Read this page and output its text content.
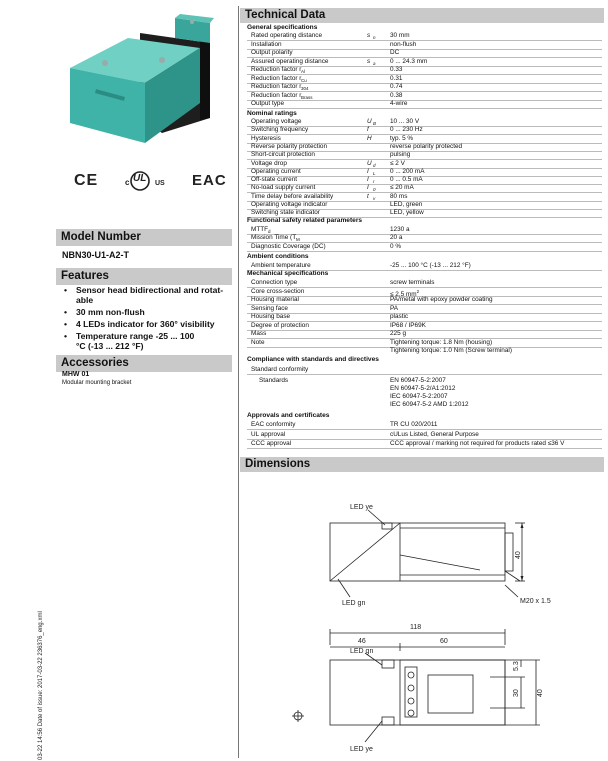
CE	c	US
UL	EAC
Model Number
NBN30-U1-A2-T
Features
• Sensor head bidirectional and rotat-able
• 30 mm non-flush
• 4 LEDs indicator for 360° visibility
• Temperature range -25 ... 100 °C (-13 ... 212 °F)
Accessories
MHW 01
Modular mounting bracket
03-22 14:56 Date of issue: 2017-03-22 236376_eng.xml
Technical Data
General specifications
Rated operating distance	s n 30 mm
Installation	non-flush
Output polarity	DC
Assured operating distance	s a 0 ... 24.3 mm
Reduction factor r Al	0.33
Reduction factor r Cu	0.31
Reduction factor r 304	0.74
Reduction factor r Brass	0.38
Output type	4-wire
Nominal ratings
Operating voltage	U B 10 ... 30 V
Switching frequency	f	0 ... 230 Hz
Hysteresis	H	typ. 5 %
Reverse polarity protection	reverse polarity protected
Short-circuit protection	pulsing
Voltage drop	U d ≤ 2 V
Operating current	I L 0 ... 200 mA
Off-state current	I r 0 ... 0.5 mA
No-load supply current	I 0 ≤ 20 mA
Time delay before availability	t v 80 ms
Operating voltage indicator	LED, green
Switching state indicator	LED, yellow
Functional safety related parameters
MTTF d	1230 a
Mission Time (T M	20 a
Diagnostic Coverage (DC)	0 %
Ambient conditions
Ambient temperature	-25 ... 100 °C (-13 ... 212 °F)
Mechanical specifications
Connection type	screw terminals
Core cross-section	≤ 2.5 $mm^2$
Housing material	PA/metal with epoxy powder coating
Sensing face	PA
Housing base	plastic
Degree of protection	IP68 / IP69K
Mass	225 g
Note	Tightening torque: 1.8 Nm (housing)
Tightening torque: 1.0 Nm (Screw terminal)
Compliance with standards and directives
Standard conformity
Standards	EN 60947-5-2:2007
EN 60947-5-2/A1:2012
IEC 60947-5-2:2007
IEC 60947-5-2 AMD 1:2012
Approvals and certificates
EAC conformity	TR CU 020/2011
UL approval	cULus Listed, General Purpose
CCC approval	CCC approval / marking not required for products rated ≤36 V
Dimensions
LED ye
LED gn	M20 x 1.5
40
118
46	60
5.3
30 40
LED gn
LED ye
